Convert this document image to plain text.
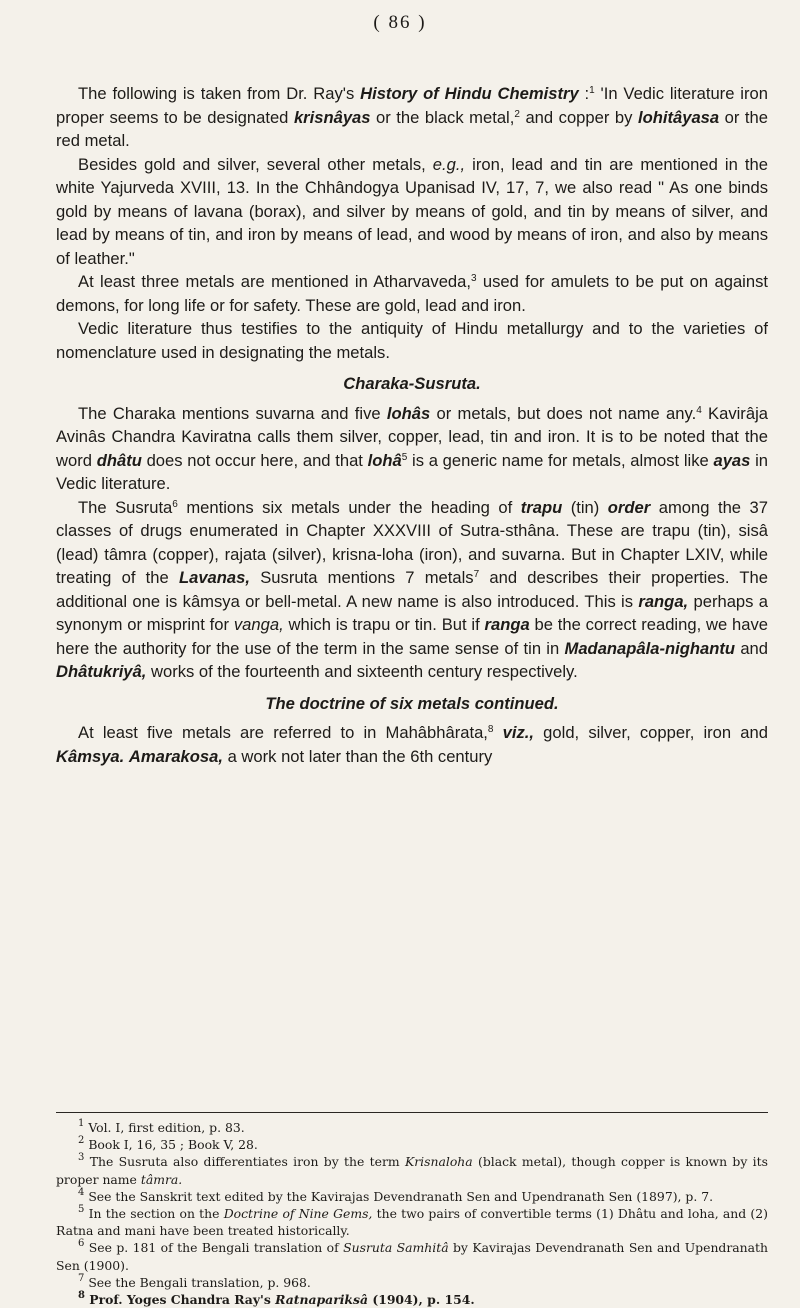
( 86 )

The following is taken from Dr. Ray's History of Hindu Chemistry :$^1$ 'In Vedic literature iron proper seems to be designated krisnâyas or the black metal,$^2$ and copper by lohitâyasa or the red metal.

Besides gold and silver, several other metals, e.g., iron, lead and tin are mentioned in the white Yajurveda XVIII, 13. In the Chhândogya Upanisad IV, 17, 7, we also read " As one binds gold by means of lavana (borax), and silver by means of gold, and tin by means of silver, and lead by means of tin, and iron by means of lead, and wood by means of iron, and also by means of leather."

At least three metals are mentioned in Atharvaveda,$^3$ used for amulets to be put on against demons, for long life or for safety. These are gold, lead and iron.

Vedic literature thus testifies to the antiquity of Hindu metallurgy and to the varieties of nomenclature used in designating the metals.

Charaka-Susruta.

The Charaka mentions suvarna and five lohâs or metals, but does not name any.$^4$ Kavirâja Avinâs Chandra Kaviratna calls them silver, copper, lead, tin and iron. It is to be noted that the word dhâtu does not occur here, and that lohâ$^5$ is a generic name for metals, almost like ayas in Vedic literature.

The Susruta$^6$ mentions six metals under the heading of trapu (tin) order among the 37 classes of drugs enumerated in Chapter XXXVIII of Sutra-sthâna. These are trapu (tin), sisâ (lead) tâmra (copper), rajata (silver), krisna-loha (iron), and suvarna. But in Chapter LXIV, while treating of the Lavanas, Susruta mentions 7 metals$^7$ and describes their properties. The additional one is kâmsya or bell-metal. A new name is also introduced. This is ranga, perhaps a synonym or misprint for vanga, which is trapu or tin. But if ranga be the correct reading, we have here the authority for the use of the term in the same sense of tin in Madanapâla-nighantu and Dhâtukriyâ, works of the fourteenth and sixteenth century respectively.

The doctrine of six metals continued.

At least five metals are referred to in Mahâbhârata,$^8$ viz., gold, silver, copper, iron and Kâmsya. Amarakosa, a work not later than the 6th century

$^1$ Vol. I, first edition, p. 83.

$^2$ Book I, 16, 35 ; Book V, 28.

$^3$ The Susruta also differentiates iron by the term Krisnaloha (black metal), though copper is known by its proper name tâmra.

$^4$ See the Sanskrit text edited by the Kavirajas Devendranath Sen and Upendranath Sen (1897), p. 7.

$^5$ In the section on the Doctrine of Nine Gems, the two pairs of convertible terms (1) Dhâtu and loha, and (2) Ratna and mani have been treated historically.

$^6$ See p. 181 of the Bengali translation of Susruta Samhitâ by Kavirajas Devendranath Sen and Upendranath Sen (1900).

$^7$ See the Bengali translation, p. 968.

$^8$ Prof. Yoges Chandra Ray's Ratnapariksâ (1904), p. 154.
